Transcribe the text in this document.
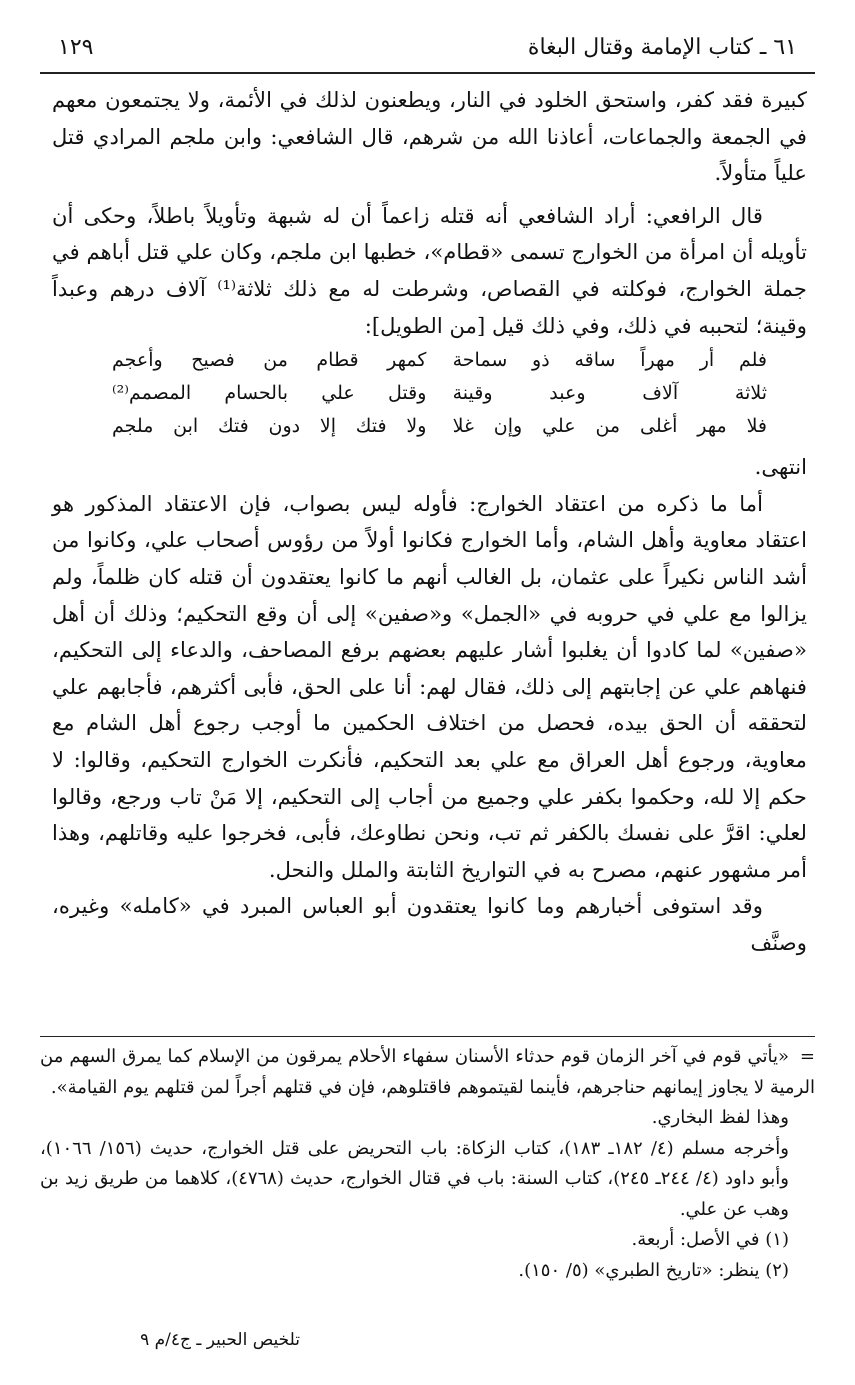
٦١ ـ كتاب الإمامة وقتال البغاة
١٢٩

كبيرة فقد كفر، واستحق الخلود في النار، ويطعنون لذلك في الأئمة، ولا يجتمعون معهم في الجمعة والجماعات، أعاذنا الله من شرهم، قال الشافعي: وابن ملجم المرادي قتل علياً متأولاً.

قال الرافعي: أراد الشافعي أنه قتله زاعماً أن له شبهة وتأويلاً باطلاً، وحكى أن تأويله أن امرأة من الخوارج تسمى «قطام»، خطبها ابن ملجم، وكان علي قتل أباهم في جملة الخوارج، فوكلته في القصاص، وشرطت له مع ذلك ثلاثة⁽¹⁾ آلاف درهم وعبداً وقينة؛ لتحببه في ذلك، وفي ذلك قيل [من الطويل]:

فلم أر مهراً ساقه ذو سماحة
كمهر قطام من فصيح وأعجم
ثلاثة آلاف وعبد وقينة
وقتل علي بالحسام المصمم⁽²⁾
فلا مهر أغلى من علي وإن غلا
ولا فتك إلا دون فتك ابن ملجم

انتهى.

أما ما ذكره من اعتقاد الخوارج: فأوله ليس بصواب، فإن الاعتقاد المذكور هو اعتقاد معاوية وأهل الشام، وأما الخوارج فكانوا أولاً من رؤوس أصحاب علي، وكانوا من أشد الناس نكيراً على عثمان، بل الغالب أنهم ما كانوا يعتقدون أن قتله كان ظلماً، ولم يزالوا مع علي في حروبه في «الجمل» و«صفين» إلى أن وقع التحكيم؛ وذلك أن أهل «صفين» لما كادوا أن يغلبوا أشار عليهم بعضهم برفع المصاحف، والدعاء إلى التحكيم، فنهاهم علي عن إجابتهم إلى ذلك، فقال لهم: أنا على الحق، فأبى أكثرهم، فأجابهم علي لتحققه أن الحق بيده، فحصل من اختلاف الحكمين ما أوجب رجوع أهل الشام مع معاوية، ورجوع أهل العراق مع علي بعد التحكيم، فأنكرت الخوارج التحكيم، وقالوا: لا حكم إلا لله، وحكموا بكفر علي وجميع من أجاب إلى التحكيم، إلا مَنْ تاب ورجع، وقالوا لعلي: اقرَّ على نفسك بالكفر ثم تب، ونحن نطاوعك، فأبى، فخرجوا عليه وقاتلهم، وهذا أمر مشهور عنهم، مصرح به في التواريخ الثابتة والملل والنحل.

وقد استوفى أخبارهم وما كانوا يعتقدون أبو العباس المبرد في «كامله» وغيره، وصنَّف

=
«يأتي قوم في آخر الزمان قوم حدثاء الأسنان سفهاء الأحلام يمرقون من الإسلام كما يمرق السهم من الرمية لا يجاوز إيمانهم حناجرهم، فأينما لقيتموهم فاقتلوهم، فإن في قتلهم أجراً لمن قتلهم يوم القيامة».

وهذا لفظ البخاري.

وأخرجه مسلم (٤/ ١٨٢ـ ١٨٣)، كتاب الزكاة: باب التحريض على قتل الخوارج، حديث (١٥٦/ ١٠٦٦)، وأبو داود (٤/ ٢٤٤ـ ٢٤٥)، كتاب السنة: باب في قتال الخوارج، حديث (٤٧٦٨)، كلاهما من طريق زيد بن وهب عن علي.

(١) في الأصل: أربعة.

(٢) ينظر: «تاريخ الطبري» (٥/ ١٥٠).

تلخيص الحبير ـ ج٤/م ٩
